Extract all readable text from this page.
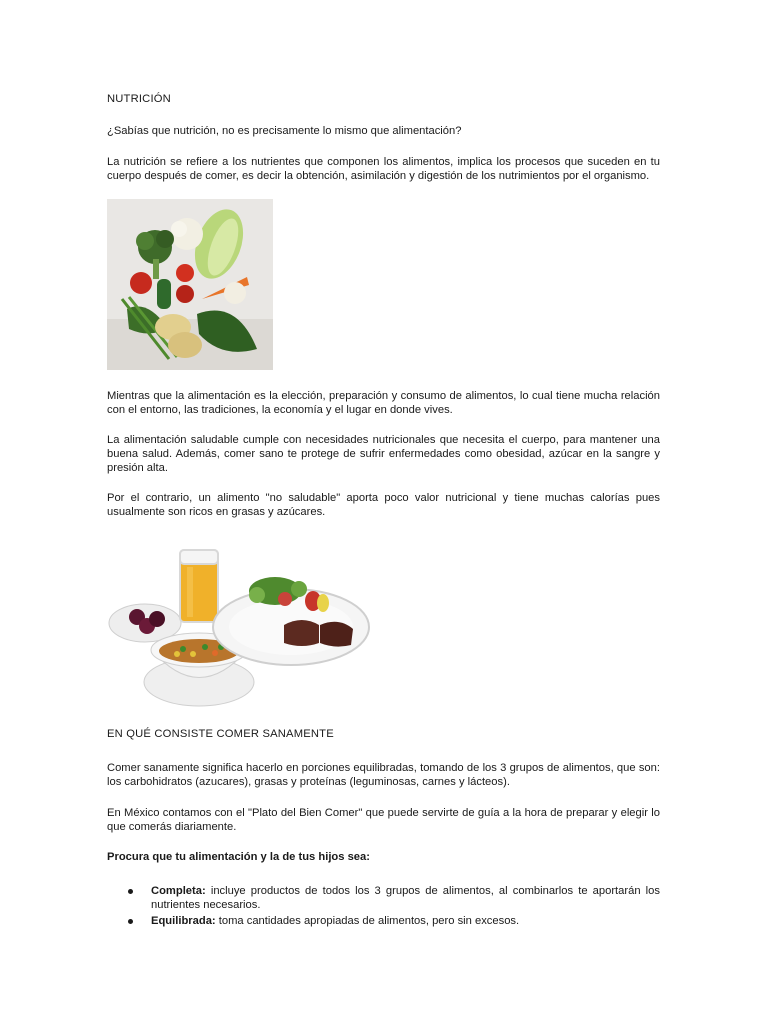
NUTRICIÓN
¿Sabías que nutrición, no es precisamente lo mismo que alimentación?
La nutrición se refiere a los nutrientes que componen los alimentos, implica los procesos que suceden en tu cuerpo después de comer, es decir la obtención, asimilación y digestión de los nutrimientos por el organismo.
Mientras que la alimentación es la elección, preparación y consumo de alimentos, lo cual tiene mucha relación con el entorno, las tradiciones, la economía y el lugar en donde vives.
La alimentación saludable cumple con necesidades nutricionales que necesita el cuerpo, para mantener una buena salud. Además, comer sano te protege de sufrir enfermedades como obesidad, azúcar en la sangre y presión alta.
Por el contrario, un alimento "no saludable" aporta poco valor nutricional y tiene muchas calorías pues usualmente son ricos en grasas y azúcares.
EN QUÉ CONSISTE COMER SANAMENTE
Comer sanamente significa hacerlo en porciones equilibradas, tomando de los 3 grupos de alimentos, que son: los carbohidratos (azucares), grasas y proteínas (leguminosas, carnes y lácteos).
En México contamos con el "Plato del Bien Comer" que puede servirte de guía a la hora de preparar y elegir lo que comerás diariamente.
Procura que tu alimentación y la de tus hijos sea:
Completa: incluye productos de todos los 3 grupos de alimentos, al combinarlos te aportarán los nutrientes necesarios.
Equilibrada: toma cantidades apropiadas de alimentos, pero sin excesos.
